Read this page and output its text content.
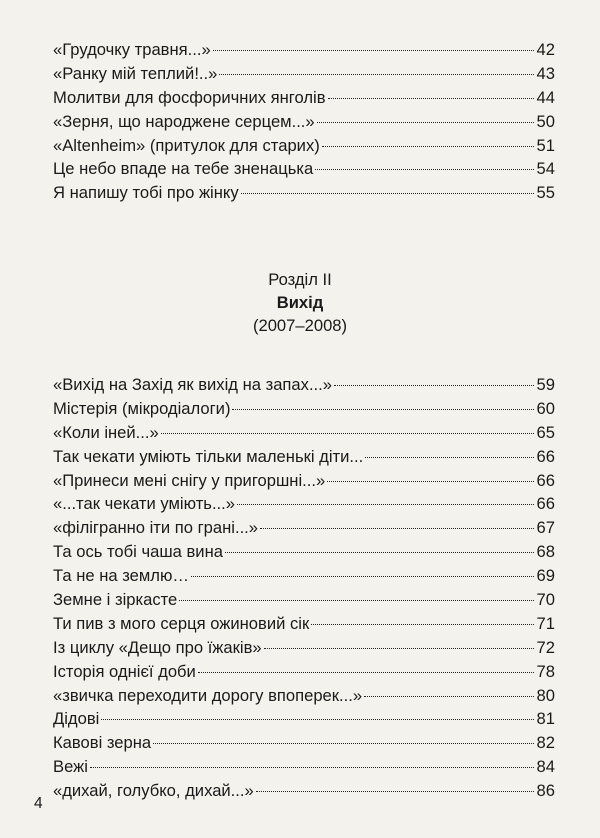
«Грудочку травня...»	42
«Ранку мій теплий!..»	43
Молитви для фосфоричних янголів	44
«Зерня, що народжене серцем...»	50
«Altenheim» (притулок для старих)	51
Це небо впаде на тебе зненацька	54
Я напишу тобі про жінку	55
Розділ II
Вихід
(2007–2008)
«Вихід на Захід як вихід на запах...»	59
Містерія (мікродіалоги)	60
«Коли іней...»	65
Так чекати уміють тільки маленькі діти...	66
«Принеси мені снігу у пригоршні...»	66
«...так чекати уміють...»	66
«філігранно іти по грані...»	67
Та ось тобі чаша вина	68
Та не на землю…	69
Земне і зіркасте	70
Ти пив з мого серця ожиновий сік	71
Із циклу «Дещо про їжаків»	72
Історія однієї доби	78
«звичка переходити дорогу впоперек...»	80
Дідові	81
Кавові зерна	82
Вежі	84
«дихай, голубко, дихай...»	86
4
